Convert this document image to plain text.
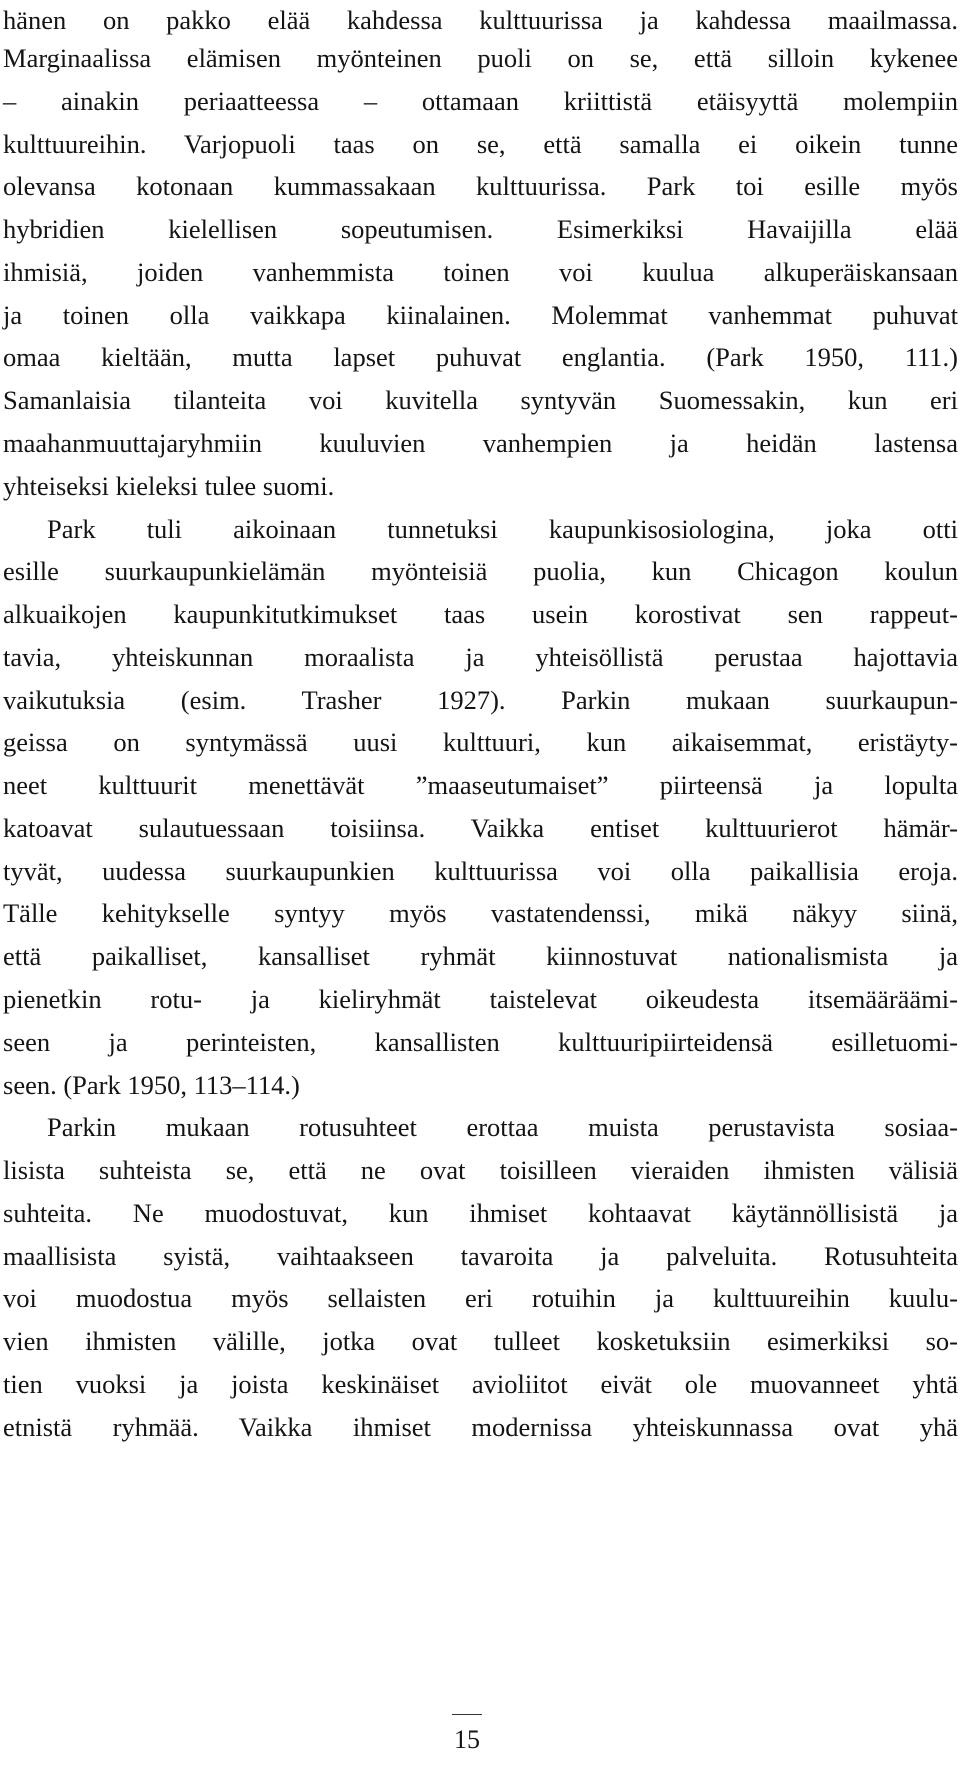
hänen on pakko elää kahdessa kulttuurissa ja kahdessa maailmassa.
Marginaalissa elämisen myönteinen puoli on se, että silloin kykenee
– ainakin periaatteessa – ottamaan kriittistä etäisyyttä molempiin
kulttuureihin. Varjopuoli taas on se, että samalla ei oikein tunne
olevansa kotonaan kummassakaan kulttuurissa. Park toi esille myös
hybridien kielellisen sopeutumisen. Esimerkiksi Havaijilla elää
ihmisiä, joiden vanhemmista toinen voi kuulua alkuperäiskansaan
ja toinen olla vaikkapa kiinalainen. Molemmat vanhemmat puhuvat
omaa kieltään, mutta lapset puhuvat englantia. (Park 1950, 111.)
Samanlaisia tilanteita voi kuvitella syntyvän Suomessakin, kun eri
maahanmuuttajaryhmiin kuuluvien vanhempien ja heidän lastensa
yhteiseksi kieleksi tulee suomi.
Park tuli aikoinaan tunnetuksi kaupunkisosiologina, joka otti
esille suurkaupunkielämän myönteisiä puolia, kun Chicagon koulun
alkuaikojen kaupunkitutkimukset taas usein korostivat sen rappeut-
tavia, yhteiskunnan moraalista ja yhteisöllistä perustaa hajottavia
vaikutuksia (esim. Trasher 1927). Parkin mukaan suurkaupun-
geissa on syntymässä uusi kulttuuri, kun aikaisemmat, eristäyty-
neet kulttuurit menettävät ”maaseutumaiset” piirteensä ja lopulta
katoavat sulautuessaan toisiinsa. Vaikka entiset kulttuurierot hämär-
tyvät, uudessa suurkaupunkien kulttuurissa voi olla paikallisia eroja.
Tälle kehitykselle syntyy myös vastatendenssi, mikä näkyy siinä,
että paikalliset, kansalliset ryhmät kiinnostuvat nationalismista ja
pienetkin rotu- ja kieliryhmät taistelevat oikeudesta itsemääräämi-
seen ja perinteisten, kansallisten kulttuuripiirteidensä esilletuomi-
seen. (Park 1950, 113–114.)
Parkin mukaan rotusuhteet erottaa muista perustavista sosiaa-
lisista suhteista se, että ne ovat toisilleen vieraiden ihmisten välisiä
suhteita. Ne muodostuvat, kun ihmiset kohtaavat käytännöllisistä ja
maallisista syistä, vaihtaakseen tavaroita ja palveluita. Rotusuhteita
voi muodostua myös sellaisten eri rotuihin ja kulttuureihin kuulu-
vien ihmisten välille, jotka ovat tulleet kosketuksiin esimerkiksi so-
tien vuoksi ja joista keskinäiset avioliitot eivät ole muovanneet yhtä
etnistä ryhmää. Vaikka ihmiset modernissa yhteiskunnassa ovat yhä
15
